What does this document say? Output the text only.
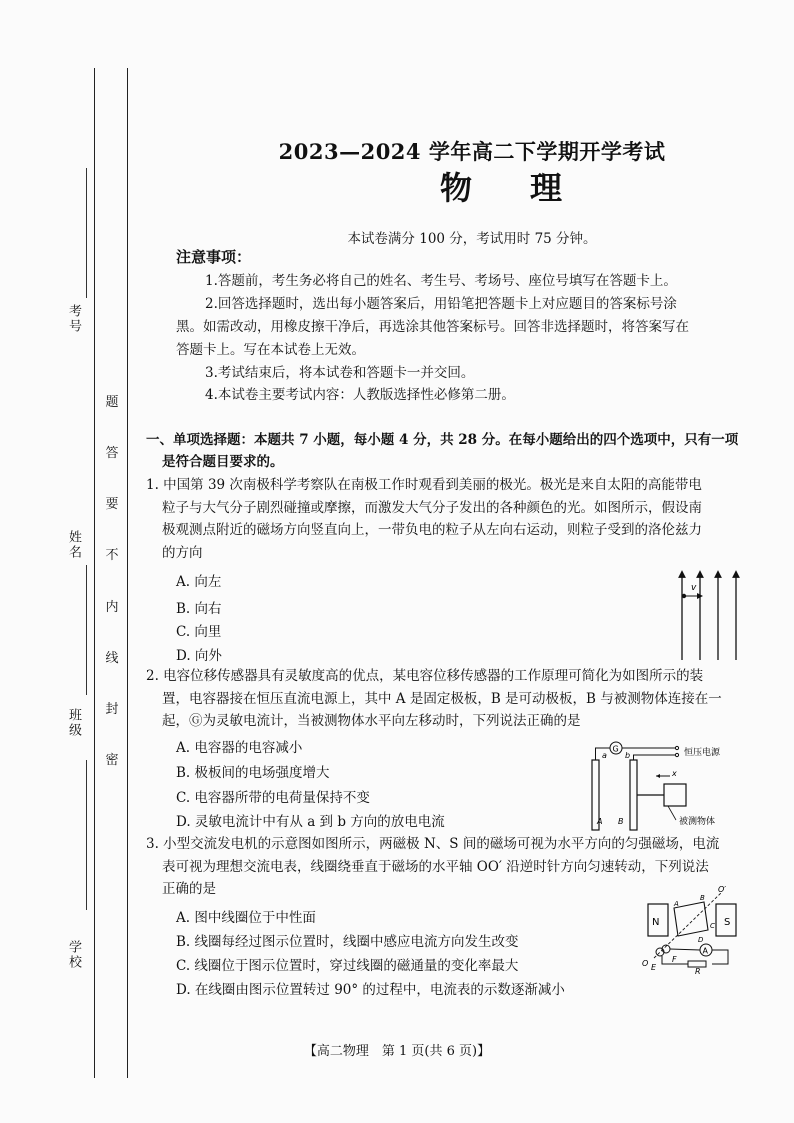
考号
姓名
班级
学校
题
答
要
不
内
线
封
密
2023—2024 学年高二下学期开学考试
物理
本试卷满分 100 分，考试用时 75 分钟。
注意事项：
1.答题前，考生务必将自己的姓名、考生号、考场号、座位号填写在答题卡上。
2.回答选择题时，选出每小题答案后，用铅笔把答题卡上对应题目的答案标号涂
黑。如需改动，用橡皮擦干净后，再选涂其他答案标号。回答非选择题时，将答案写在
答题卡上。写在本试卷上无效。
3.考试结束后，将本试卷和答题卡一并交回。
4.本试卷主要考试内容：人教版选择性必修第二册。
一、单项选择题：本题共 7 小题，每小题 4 分，共 28 分。在每小题给出的四个选项中，只有一项
是符合题目要求的。
1. 中国第 39 次南极科学考察队在南极工作时观看到美丽的极光。极光是来自太阳的高能带电
粒子与大气分子剧烈碰撞或摩擦，而激发大气分子发出的各种颜色的光。如图所示，假设南
极观测点附近的磁场方向竖直向上，一带负电的粒子从左向右运动，则粒子受到的洛伦兹力
的方向
A. 向左
B. 向右
C. 向里
D. 向外
v
2. 电容位移传感器具有灵敏度高的优点，某电容位移传感器的工作原理可简化为如图所示的装
置，电容器接在恒压直流电源上，其中 A 是固定极板，B 是可动极板，B 与被测物体连接在一
起，Ⓖ为灵敏电流计，当被测物体水平向左移动时，下列说法正确的是
A. 电容器的电容减小
B. 极板间的电场强度增大
C. 电容器所带的电荷量保持不变
D. 灵敏电流计中有从 a 到 b 方向的放电电流
G
a b	恒压电源
x
A B	被测物体
3. 小型交流发电机的示意图如图所示，两磁极 N、S 间的磁场可视为水平方向的匀强磁场，电流
表可视为理想交流电表，线圈绕垂直于磁场的水平轴 OO′ 沿逆时针方向匀速转动，下列说法
正确的是
A. 图中线圈位于中性面
B. 线圈每经过图示位置时，线圈中感应电流方向发生改变
C. 线圈位于图示位置时，穿过线圈的磁通量的变化率最大
D. 在线圈由图示位置转过 90° 的过程中，电流表的示数逐渐减小
N	S
O′
A
B
C
D
O E
F
A
R
【高二物理　第 1 页(共 6 页)】
